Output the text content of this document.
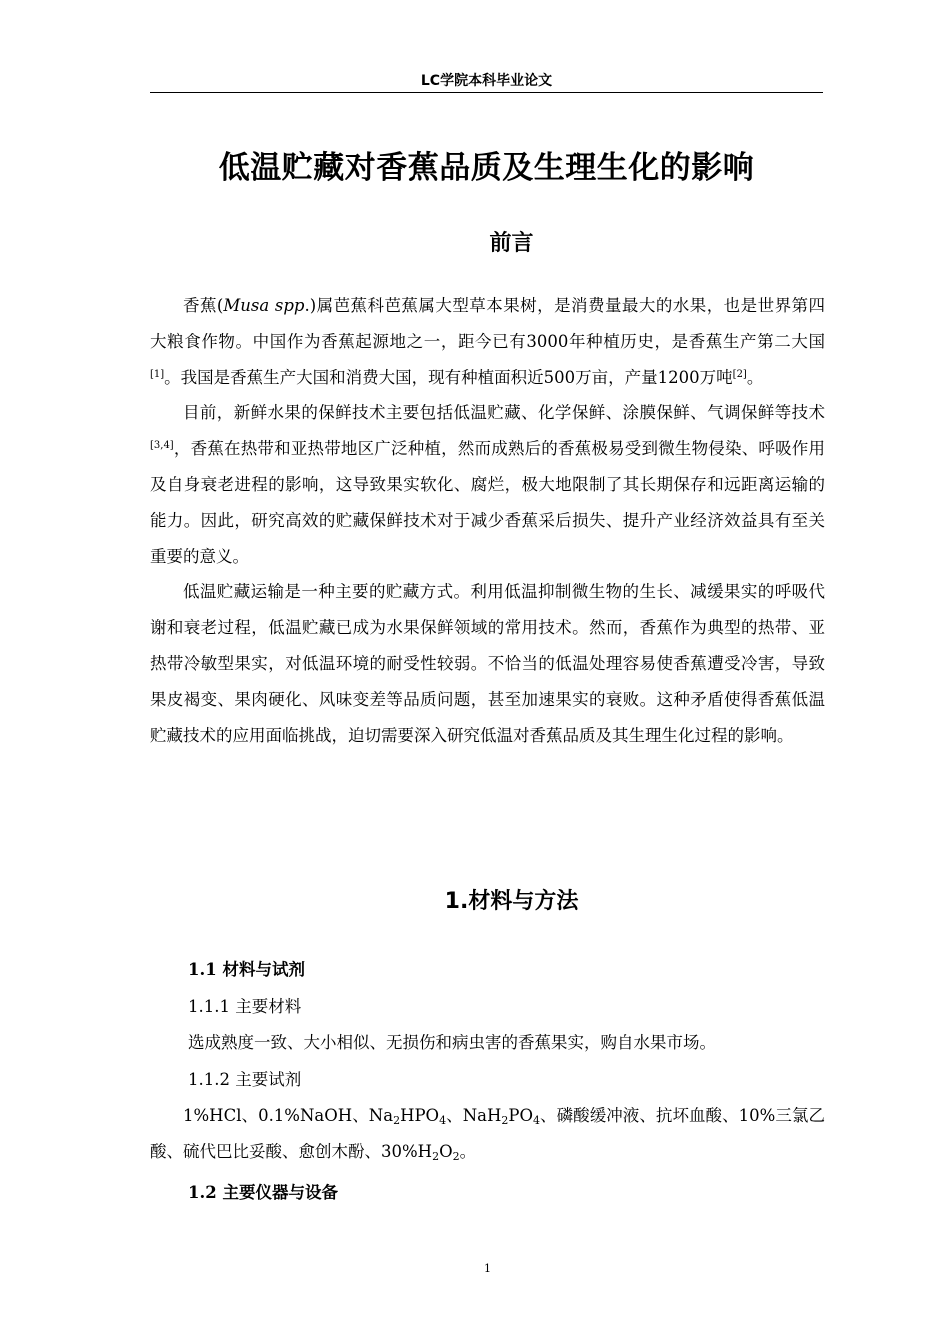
LC学院本科毕业论文
低温贮藏对香蕉品质及生理生化的影响
前言

香蕉(Musa spp.)属芭蕉科芭蕉属大型草本果树，是消费量最大的水果，也是世界第四大粮食作物。中国作为香蕉起源地之一，距今已有3000年种植历史，是香蕉生产第二大国[1]。我国是香蕉生产大国和消费大国，现有种植面积近500万亩，产量1200万吨[2]。

目前，新鲜水果的保鲜技术主要包括低温贮藏、化学保鲜、涂膜保鲜、气调保鲜等技术[3,4]，香蕉在热带和亚热带地区广泛种植，然而成熟后的香蕉极易受到微生物侵染、呼吸作用及自身衰老进程的影响，这导致果实软化、腐烂，极大地限制了其长期保存和远距离运输的能力。因此，研究高效的贮藏保鲜技术对于减少香蕉采后损失、提升产业经济效益具有至关重要的意义。

低温贮藏运输是一种主要的贮藏方式。利用低温抑制微生物的生长、减缓果实的呼吸代谢和衰老过程，低温贮藏已成为水果保鲜领域的常用技术。然而，香蕉作为典型的热带、亚热带冷敏型果实，对低温环境的耐受性较弱。不恰当的低温处理容易使香蕉遭受冷害，导致果皮褐变、果肉硬化、风味变差等品质问题，甚至加速果实的衰败。这种矛盾使得香蕉低温贮藏技术的应用面临挑战，迫切需要深入研究低温对香蕉品质及其生理生化过程的影响。

1.材料与方法
1.1 材料与试剂
1.1.1 主要材料
选成熟度一致、大小相似、无损伤和病虫害的香蕉果实，购自水果市场。
1.1.2 主要试剂

1%HCl、0.1%NaOH、$Na_2HPO_4$、$NaH_2PO_4$、磷酸缓冲液、抗坏血酸、10%三氯乙酸、硫代巴比妥酸、愈创木酚、$30\%H_2O_2$。

1.2 主要仪器与设备
1
